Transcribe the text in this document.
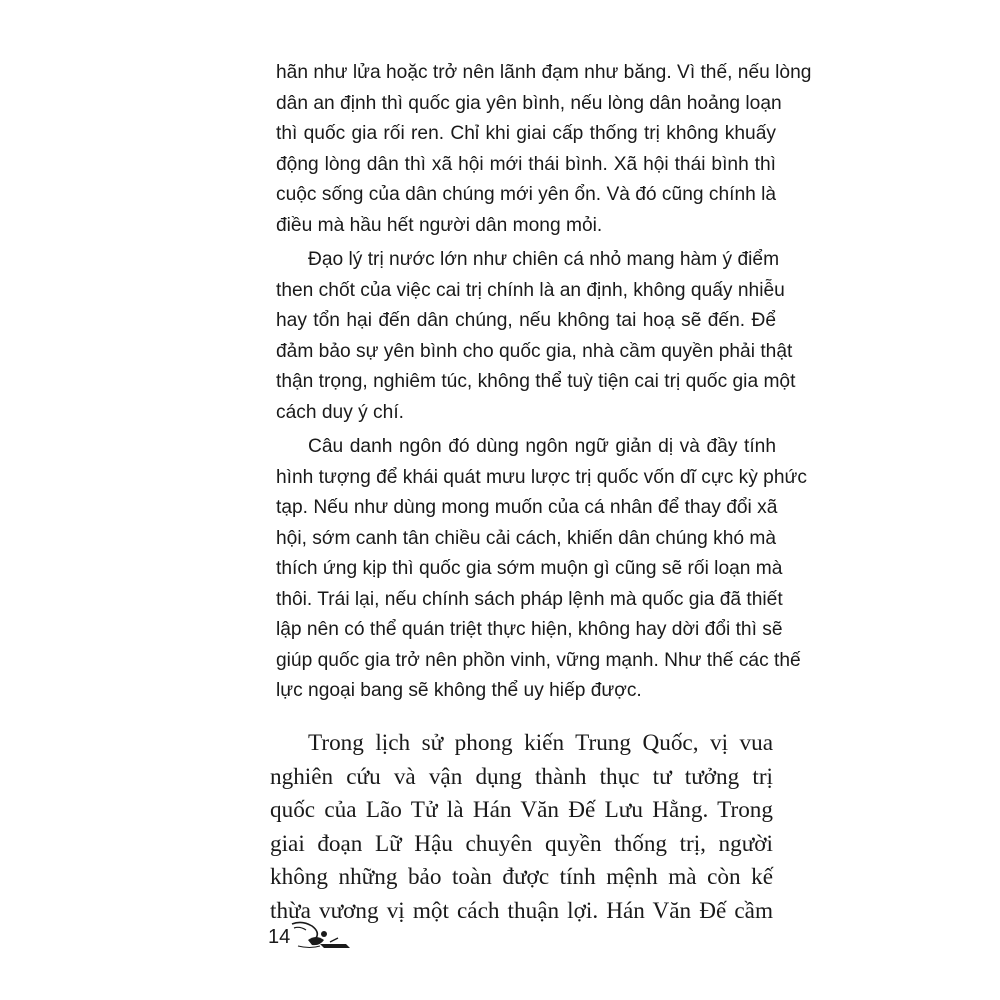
hãn như lửa hoặc trở nên lãnh đạm như băng. Vì thế, nếu lòng
dân an định thì quốc gia yên bình, nếu lòng dân hoảng loạn
thì quốc gia rối ren. Chỉ khi giai cấp thống trị không khuấy
động lòng dân thì xã hội mới thái bình. Xã hội thái bình thì
cuộc sống của dân chúng mới yên ổn. Và đó cũng chính là
điều mà hầu hết người dân mong mỏi.
Đạo lý trị nước lớn như chiên cá nhỏ mang hàm ý điểm
then chốt của việc cai trị chính là an định, không quấy nhiễu
hay tổn hại đến dân chúng, nếu không tai hoạ sẽ đến. Để
đảm bảo sự yên bình cho quốc gia, nhà cầm quyền phải thật
thận trọng, nghiêm túc, không thể tuỳ tiện cai trị quốc gia một
cách duy ý chí.
Câu danh ngôn đó dùng ngôn ngữ giản dị và đầy tính
hình tượng để khái quát mưu lược trị quốc vốn dĩ cực kỳ phức
tạp. Nếu như dùng mong muốn của cá nhân để thay đổi xã
hội, sớm canh tân chiều cải cách, khiến dân chúng khó mà
thích ứng kịp thì quốc gia sớm muộn gì cũng sẽ rối loạn mà
thôi. Trái lại, nếu chính sách pháp lệnh mà quốc gia đã thiết
lập nên có thể quán triệt thực hiện, không hay dời đổi thì sẽ
giúp quốc gia trở nên phồn vinh, vững mạnh. Như thế các thế
lực ngoại bang sẽ không thể uy hiếp được.
Trong lịch sử phong kiến Trung Quốc, vị vua
nghiên cứu và vận dụng thành thục tư tưởng trị
quốc của Lão Tử là Hán Văn Đế Lưu Hằng. Trong
giai đoạn Lữ Hậu chuyên quyền thống trị, người
không những bảo toàn được tính mệnh mà còn kế
thừa vương vị một cách thuận lợi. Hán Văn Đế cầm
14
